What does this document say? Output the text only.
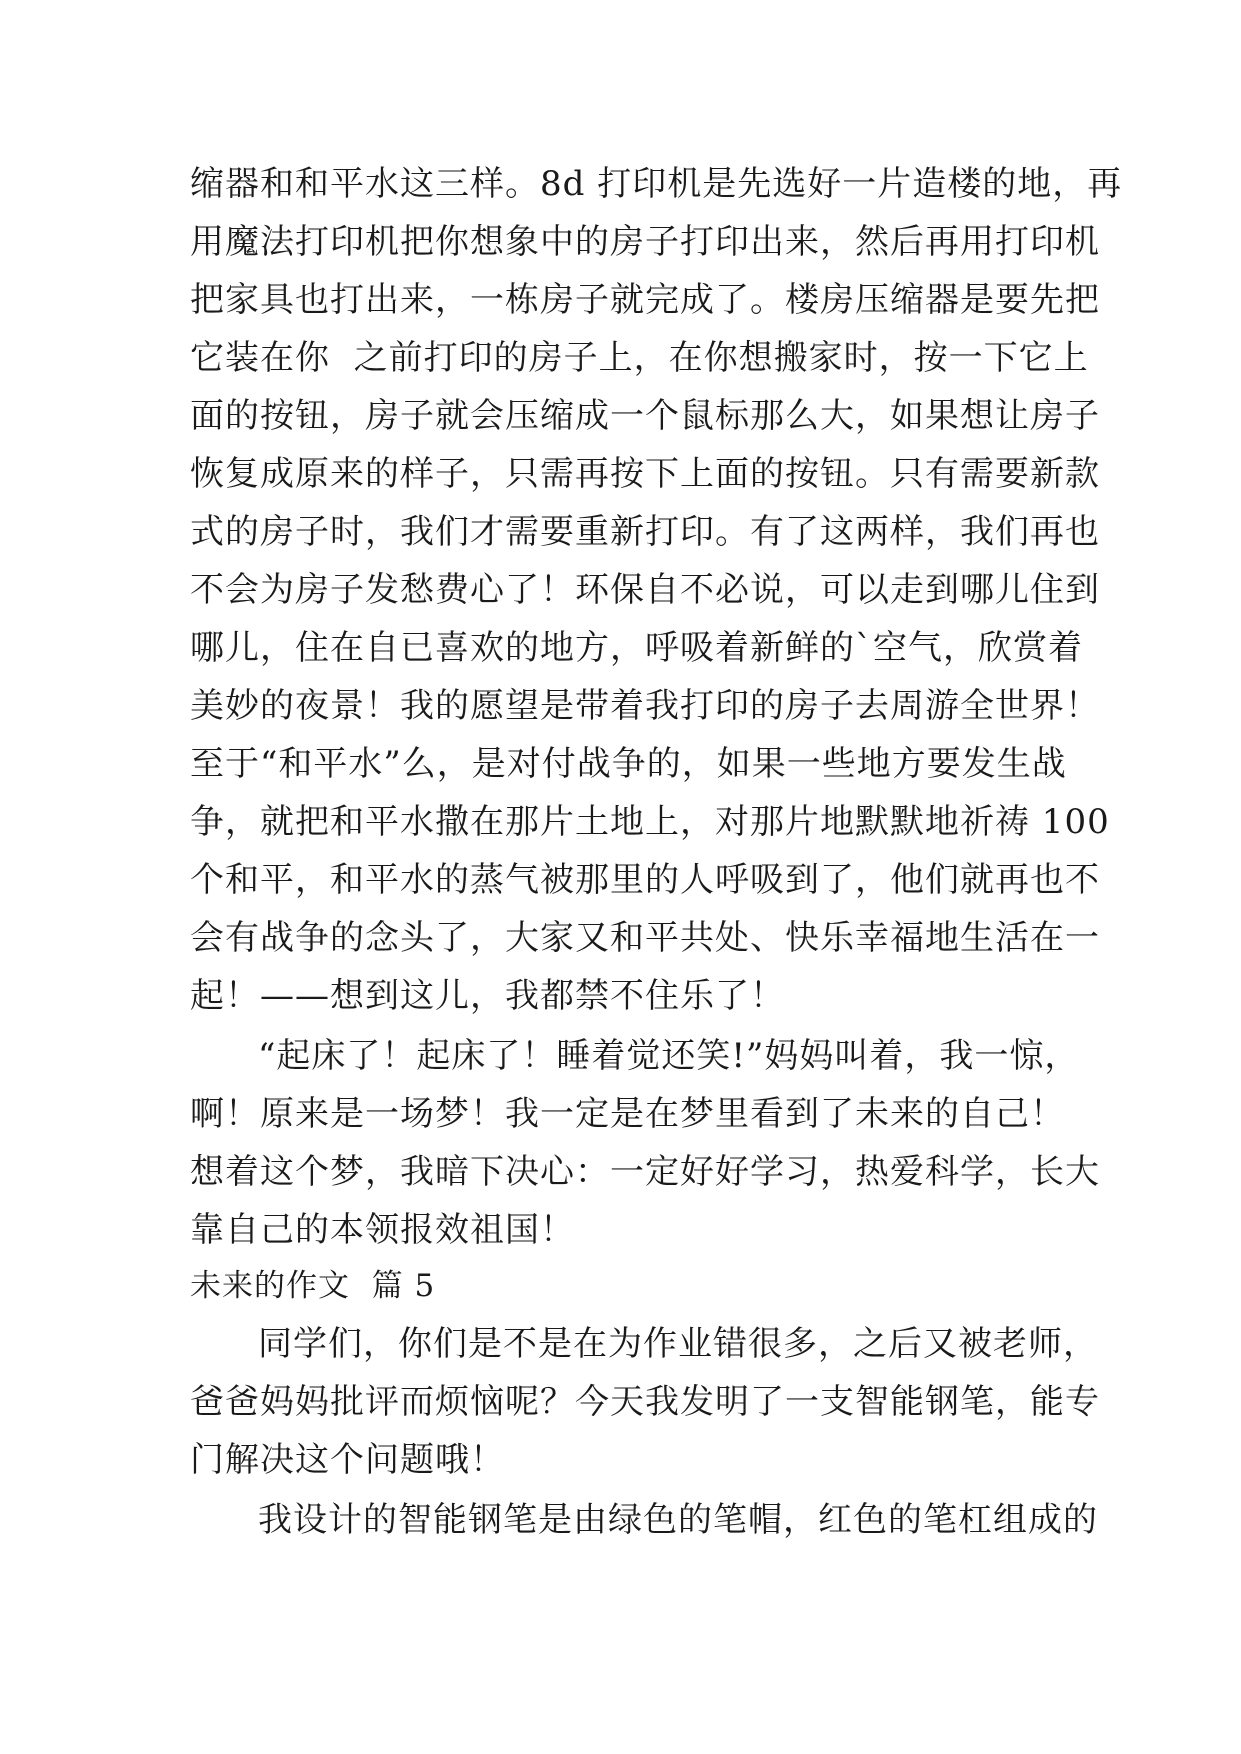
缩器和和平水这三样。8d 打印机是先选好一片造楼的地，再
用魔法打印机把你想象中的房子打印出来，然后再用打印机
把家具也打出来，一栋房子就完成了。楼房压缩器是要先把
它装在你  之前打印的房子上，在你想搬家时，按一下它上
面的按钮，房子就会压缩成一个鼠标那么大，如果想让房子
恢复成原来的样子，只需再按下上面的按钮。只有需要新款
式的房子时，我们才需要重新打印。有了这两样，我们再也
不会为房子发愁费心了！环保自不必说，可以走到哪儿住到
哪儿，住在自已喜欢的地方，呼吸着新鲜的`空气，欣赏着
美妙的夜景！我的愿望是带着我打印的房子去周游全世界！
至于“和平水”么，是对付战争的，如果一些地方要发生战
争，就把和平水撒在那片土地上，对那片地默默地祈祷 100
个和平，和平水的蒸气被那里的人呼吸到了，他们就再也不
会有战争的念头了，大家又和平共处、快乐幸福地生活在一
起！——想到这儿，我都禁不住乐了！
“起床了！起床了！睡着觉还笑!”妈妈叫着，我一惊，
啊！原来是一场梦！我一定是在梦里看到了未来的自己！
想着这个梦，我暗下决心：一定好好学习，热爱科学，长大
靠自己的本领报效祖国！
未来的作文  篇 5
同学们，你们是不是在为作业错很多，之后又被老师，
爸爸妈妈批评而烦恼呢？今天我发明了一支智能钢笔，能专
门解决这个问题哦！
我设计的智能钢笔是由绿色的笔帽，红色的笔杠组成的
